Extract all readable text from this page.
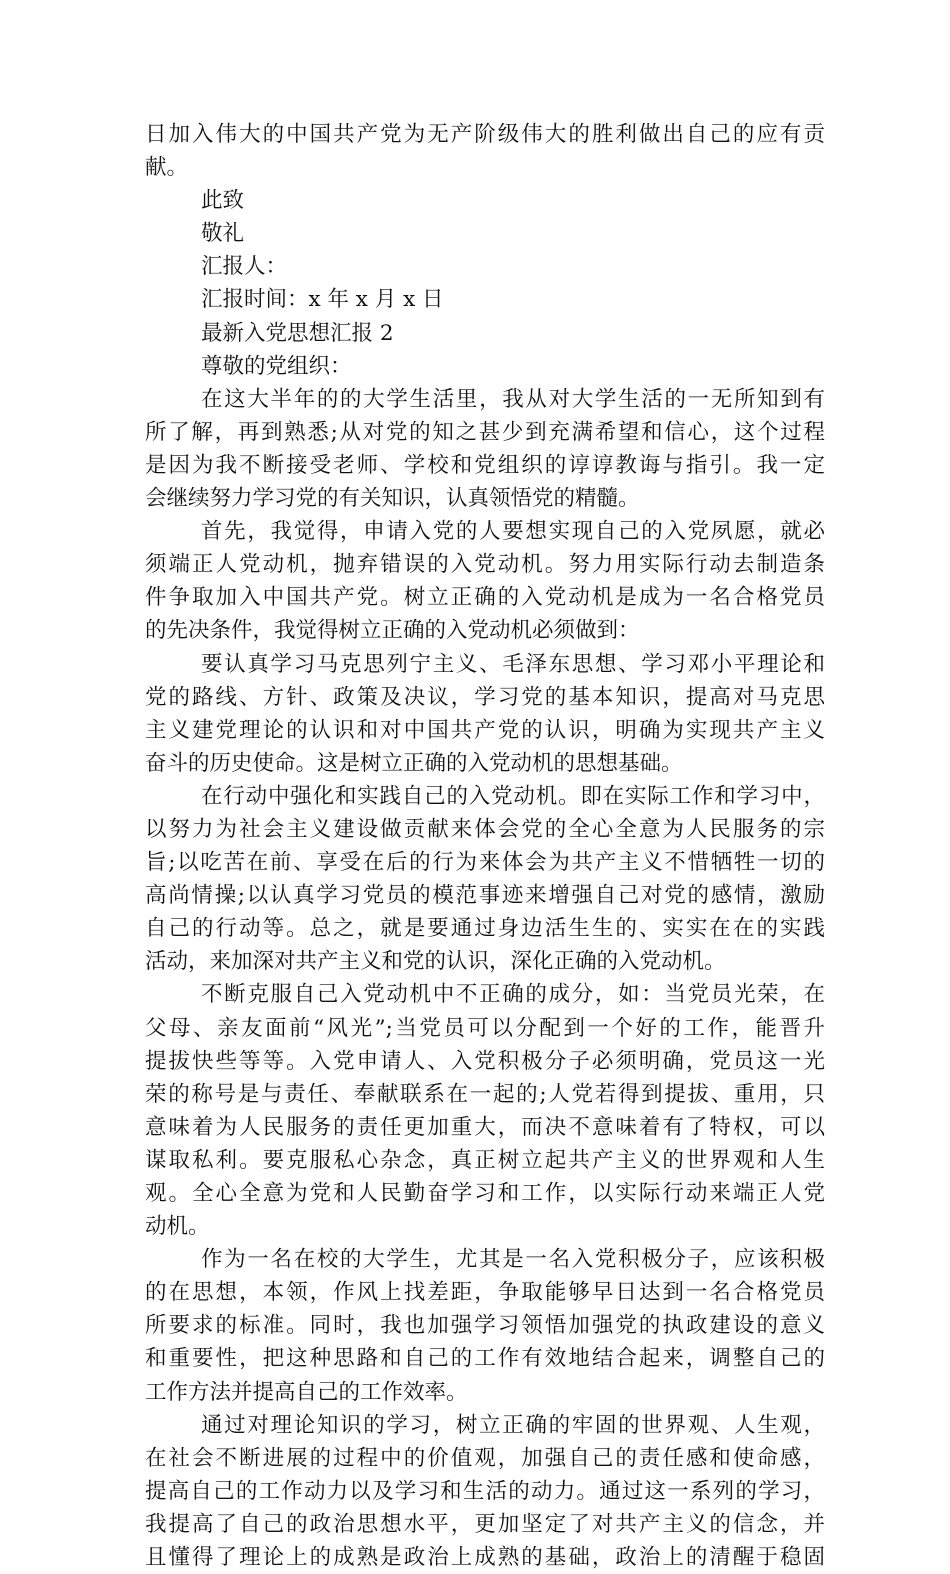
日加入伟大的中国共产党为无产阶级伟大的胜利做出自己的应有贡
献。
此致
敬礼
汇报人：
汇报时间：x 年 x 月 x 日
最新入党思想汇报 2
尊敬的党组织：
在这大半年的的大学生活里，我从对大学生活的一无所知到有
所了解，再到熟悉;从对党的知之甚少到充满希望和信心，这个过程
是因为我不断接受老师、学校和党组织的谆谆教诲与指引。我一定
会继续努力学习党的有关知识，认真领悟党的精髓。
首先，我觉得，申请入党的人要想实现自己的入党夙愿，就必
须端正人党动机，抛弃错误的入党动机。努力用实际行动去制造条
件争取加入中国共产党。树立正确的入党动机是成为一名合格党员
的先决条件，我觉得树立正确的入党动机必须做到：
要认真学习马克思列宁主义、毛泽东思想、学习邓小平理论和
党的路线、方针、政策及决议，学习党的基本知识，提高对马克思
主义建党理论的认识和对中国共产党的认识，明确为实现共产主义
奋斗的历史使命。这是树立正确的入党动机的思想基础。
在行动中强化和实践自己的入党动机。即在实际工作和学习中，
以努力为社会主义建设做贡献来体会党的全心全意为人民服务的宗
旨;以吃苦在前、享受在后的行为来体会为共产主义不惜牺牲一切的
高尚情操;以认真学习党员的模范事迹来增强自己对党的感情，激励
自己的行动等。总之，就是要通过身边活生生的、实实在在的实践
活动，来加深对共产主义和党的认识，深化正确的入党动机。
不断克服自己入党动机中不正确的成分，如：当党员光荣，在
父母、亲友面前“风光”;当党员可以分配到一个好的工作，能晋升
提拔快些等等。入党申请人、入党积极分子必须明确，党员这一光
荣的称号是与责任、奉献联系在一起的;人党若得到提拔、重用，只
意味着为人民服务的责任更加重大，而决不意味着有了特权，可以
谋取私利。要克服私心杂念，真正树立起共产主义的世界观和人生
观。全心全意为党和人民勤奋学习和工作，以实际行动来端正人党
动机。
作为一名在校的大学生，尤其是一名入党积极分子，应该积极
的在思想，本领，作风上找差距，争取能够早日达到一名合格党员
所要求的标准。同时，我也加强学习领悟加强党的执政建设的意义
和重要性，把这种思路和自己的工作有效地结合起来，调整自己的
工作方法并提高自己的工作效率。
通过对理论知识的学习，树立正确的牢固的世界观、人生观，
在社会不断进展的过程中的价值观，加强自己的责任感和使命感，
提高自己的工作动力以及学习和生活的动力。通过这一系列的学习，
我提高了自己的政治思想水平，更加坚定了对共产主义的信念，并
且懂得了理论上的成熟是政治上成熟的基础，政治上的清醒于稳固
